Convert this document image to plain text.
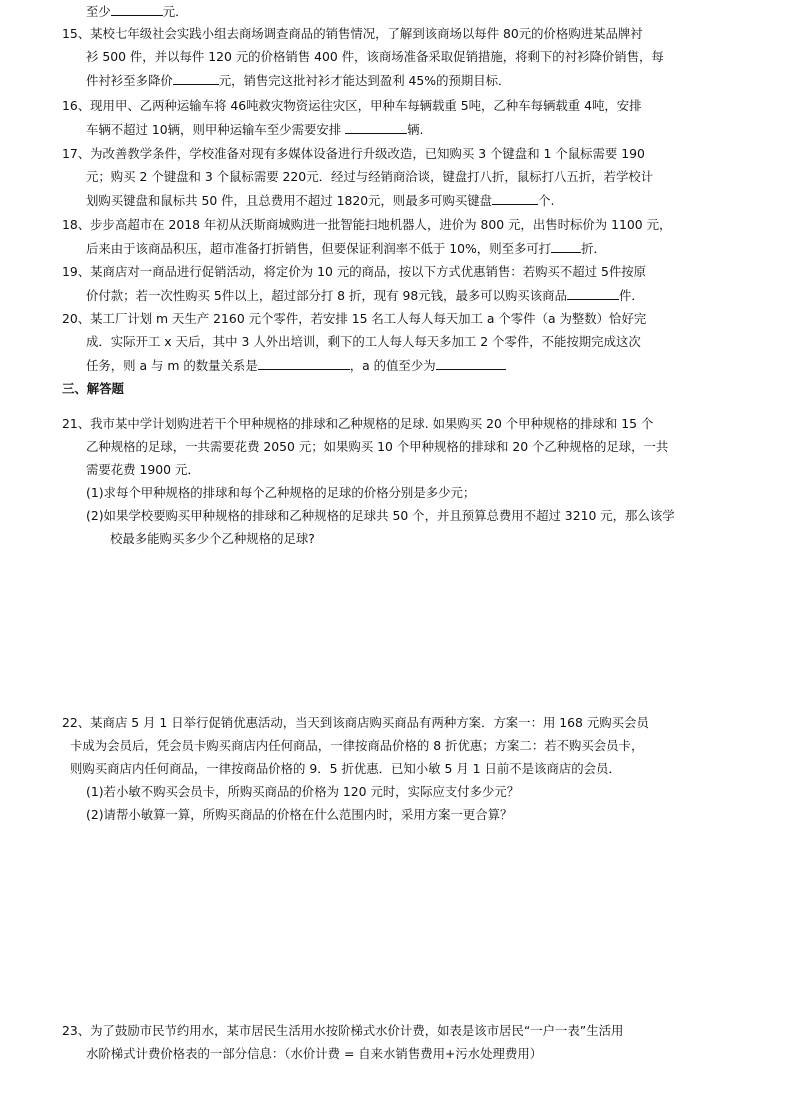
至少	元．
15、某校七年级社会实践小组去商场调查商品的销售情况，了解到该商场以每件 80元的价格购进某品牌衬
衫 500 件，并以每件 120 元的价格销售 400 件，该商场准备采取促销措施，将剩下的衬衫降价销售，每
件衬衫至多降价	元，销售完这批衬衫才能达到盈利 45%的预期目标．
16、现用甲、乙两种运输车将 46吨救灾物资运往灾区，甲种车每辆载重 5吨，乙种车每辆载重 4吨，安排
车辆不超过 10辆，则甲种运输车至少需要安排	辆.
17、为改善教学条件，学校准备对现有多媒体设备进行升级改造，已知购买 3 个键盘和 1 个鼠标需要 190
元；购买 2 个键盘和 3 个鼠标需要 220元．经过与经销商洽谈，键盘打八折，鼠标打八五折，若学校计
划购买键盘和鼠标共 50 件，且总费用不超过 1820元，则最多可购买键盘	个.
18、步步高超市在 2018 年初从沃斯商城购进一批智能扫地机器人，进价为 800 元，出售时标价为 1100 元，
后来由于该商品积压，超市准备打折销售，但要保证利润率不低于 10%，则至多可打 折．
19、某商店对一商品进行促销活动，将定价为 10 元的商品，按以下方式优惠销售：若购买不超过 5件按原
价付款；若一次性购买 5件以上，超过部分打 8 折，现有 98元钱，最多可以购买该商品	件．
20、某工厂计划 m 天生产 2160 元个零件，若安排 15 名工人每人每天加工 a 个零件（a 为整数）恰好完
成．实际开工 x 天后，其中 3 人外出培训，剩下的工人每人每天多加工 2 个零件，不能按期完成这次
任务，则 a 与 m 的数量关系是	，a 的值至少为
三、解答题
21、我市某中学计划购进若干个甲种规格的排球和乙种规格的足球. 如果购买 20 个甲种规格的排球和 15 个
乙种规格的足球，一共需要花费 2050 元；如果购买 10 个甲种规格的排球和 20 个乙种规格的足球，一共
需要花费 1900 元．
(1)求每个甲种规格的排球和每个乙种规格的足球的价格分别是多少元；
(2)如果学校要购买甲种规格的排球和乙种规格的足球共 50 个，并且预算总费用不超过 3210 元，那么该学
校最多能购买多少个乙种规格的足球?
22、某商店 5 月 1 日举行促销优惠活动，当天到该商店购买商品有两种方案．方案一：用 168 元购买会员
卡成为会员后，凭会员卡购买商店内任何商品，一律按商品价格的 8 折优惠；方案二：若不购买会员卡，
则购买商店内任何商品，一律按商品价格的 9．5 折优惠．已知小敏 5 月 1 日前不是该商店的会员．
(1)若小敏不购买会员卡，所购买商品的价格为 120 元时，实际应支付多少元？
(2)请帮小敏算一算，所购买商品的价格在什么范围内时，采用方案一更合算？
23、为了鼓励市民节约用水，某市居民生活用水按阶梯式水价计费，如表是该市居民“一户一表”生活用
水阶梯式计费价格表的一部分信息：（水价计费 = 自来水销售费用+污水处理费用）
